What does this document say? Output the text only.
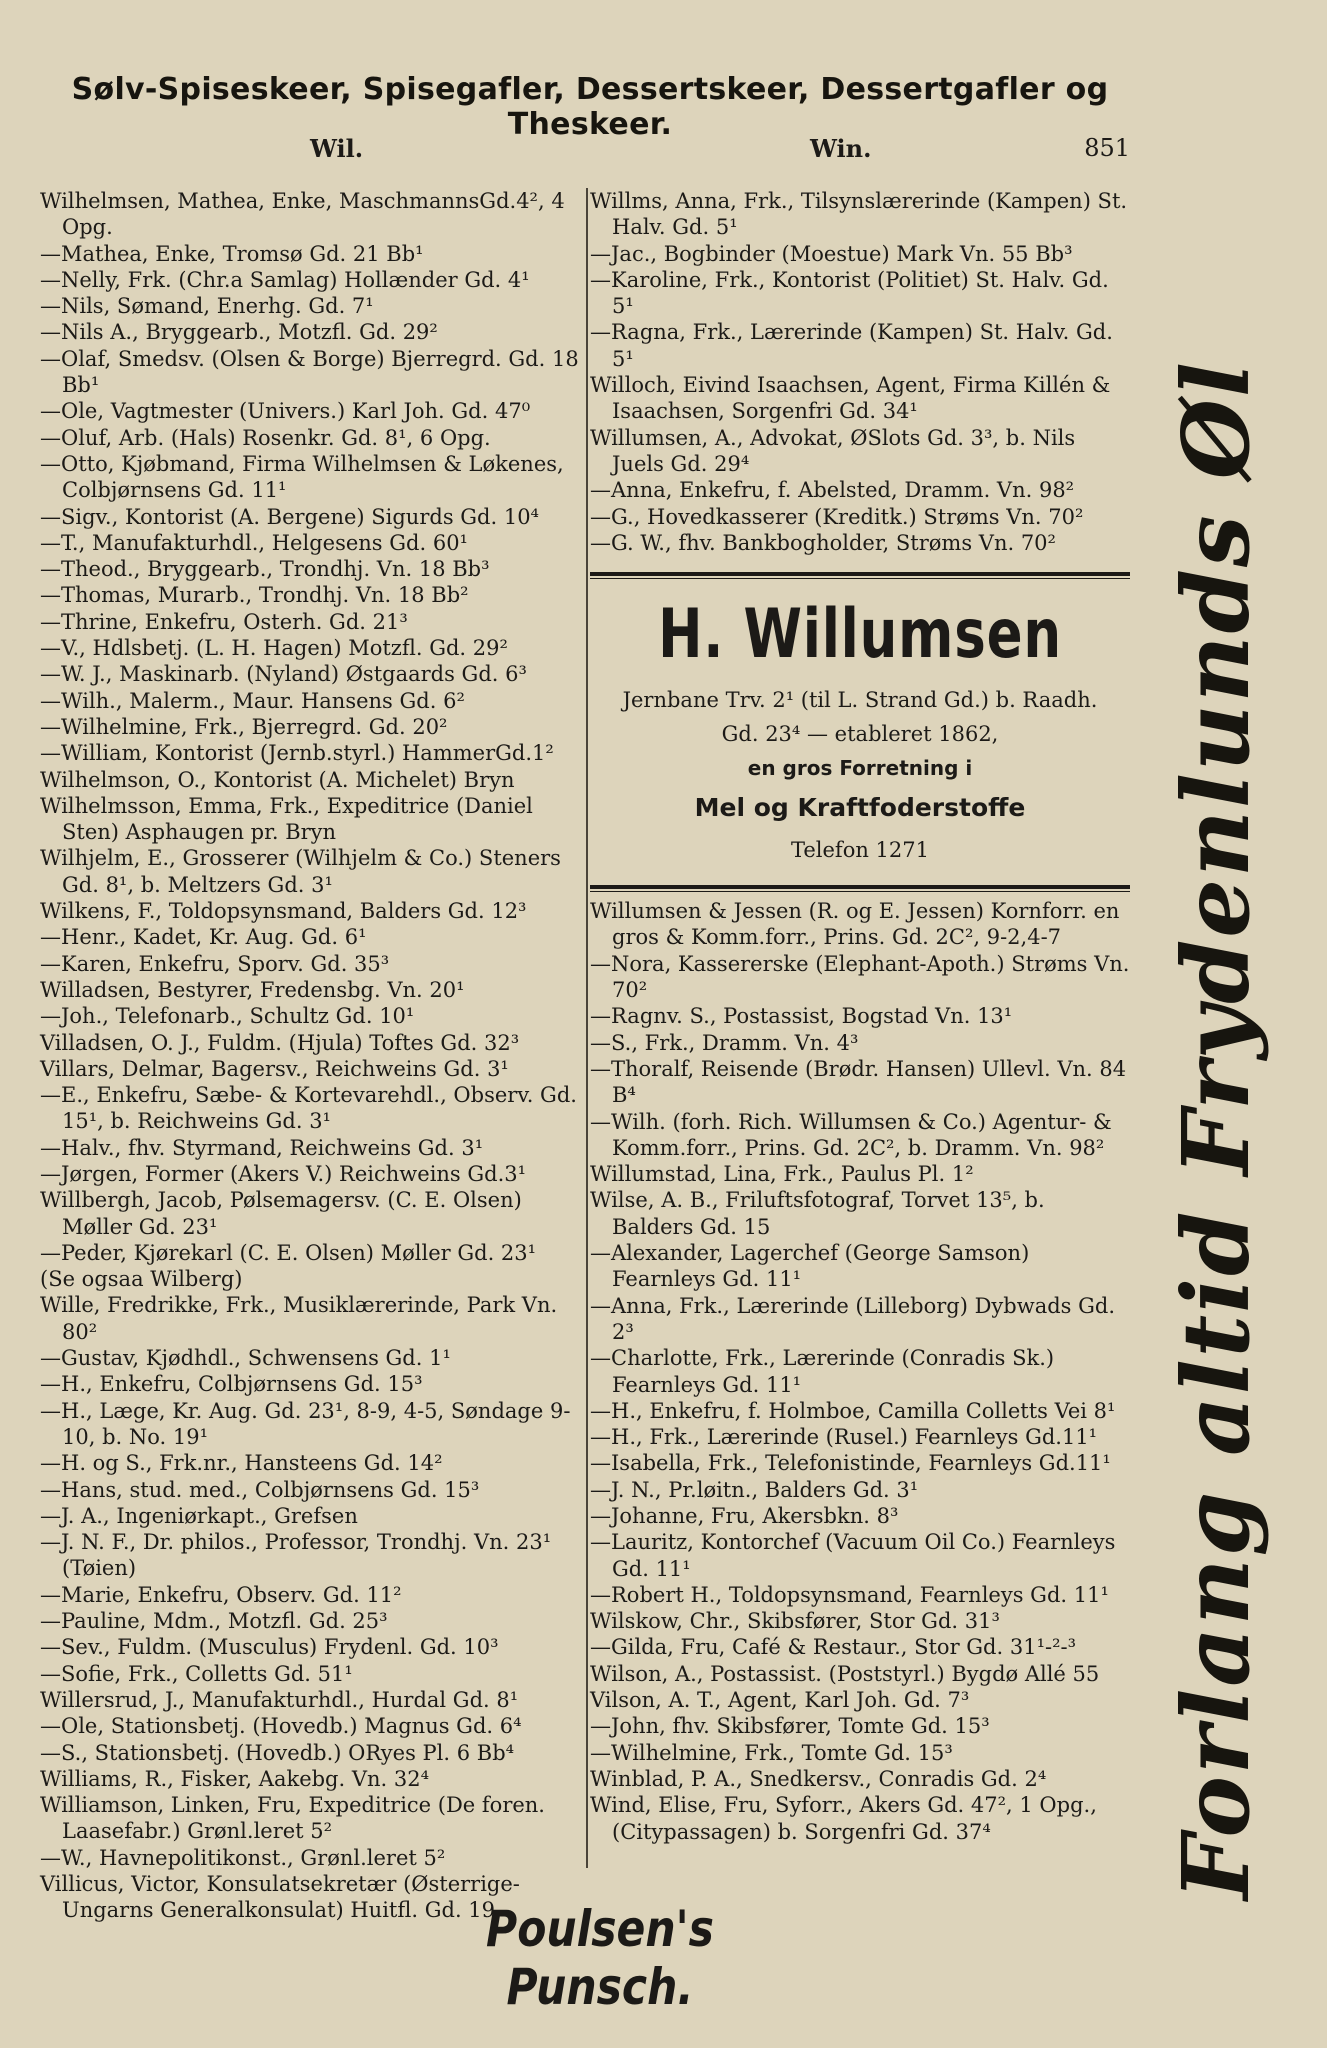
Sølv-Spiseskeer, Spisegafler, Dessertskeer, Dessertgafler og Theskeer.
Wil.	Win.	851

Wilhelmsen, Mathea, Enke, MaschmannsGd.4², 4 Opg.

—Mathea, Enke, Tromsø Gd. 21 Bb¹

—Nelly, Frk. (Chr.a Samlag) Hollænder Gd. 4¹

—Nils, Sømand, Enerhg. Gd. 7¹

—Nils A., Bryggearb., Motzfl. Gd. 29²

—Olaf, Smedsv. (Olsen & Borge) Bjerregrd. Gd. 18 Bb¹

—Ole, Vagtmester (Univers.) Karl Joh. Gd. 47⁰

—Oluf, Arb. (Hals) Rosenkr. Gd. 8¹, 6 Opg.

—Otto, Kjøbmand, Firma Wilhelmsen & Løkenes, Colbjørnsens Gd. 11¹

—Sigv., Kontorist (A. Bergene) Sigurds Gd. 10⁴

—T., Manufakturhdl., Helgesens Gd. 60¹

—Theod., Bryggearb., Trondhj. Vn. 18 Bb³

—Thomas, Murarb., Trondhj. Vn. 18 Bb²

—Thrine, Enkefru, Osterh. Gd. 21³

—V., Hdlsbetj. (L. H. Hagen) Motzfl. Gd. 29²

—W. J., Maskinarb. (Nyland) Østgaards Gd. 6³

—Wilh., Malerm., Maur. Hansens Gd. 6²

—Wilhelmine, Frk., Bjerregrd. Gd. 20²

—William, Kontorist (Jernb.styrl.) HammerGd.1²

Wilhelmson, O., Kontorist (A. Michelet) Bryn

Wilhelmsson, Emma, Frk., Expeditrice (Daniel Sten) Asphaugen pr. Bryn

Wilhjelm, E., Grosserer (Wilhjelm & Co.) Steners Gd. 8¹, b. Meltzers Gd. 3¹

Wilkens, F., Toldopsynsmand, Balders Gd. 12³

—Henr., Kadet, Kr. Aug. Gd. 6¹

—Karen, Enkefru, Sporv. Gd. 35³

Willadsen, Bestyrer, Fredensbg. Vn. 20¹

—Joh., Telefonarb., Schultz Gd. 10¹

Villadsen, O. J., Fuldm. (Hjula) Toftes Gd. 32³

Villars, Delmar, Bagersv., Reichweins Gd. 3¹

—E., Enkefru, Sæbe- & Kortevarehdl., Observ. Gd. 15¹, b. Reichweins Gd. 3¹

—Halv., fhv. Styrmand, Reichweins Gd. 3¹

—Jørgen, Former (Akers V.) Reichweins Gd.3¹

Willbergh, Jacob, Pølsemagersv. (C. E. Olsen) Møller Gd. 23¹

—Peder, Kjørekarl (C. E. Olsen) Møller Gd. 23¹

(Se ogsaa Wilberg)

Wille, Fredrikke, Frk., Musiklærerinde, Park Vn. 80²

—Gustav, Kjødhdl., Schwensens Gd. 1¹

—H., Enkefru, Colbjørnsens Gd. 15³

—H., Læge, Kr. Aug. Gd. 23¹, 8-9, 4-5, Søndage 9-10, b. No. 19¹

—H. og S., Frk.nr., Hansteens Gd. 14²

—Hans, stud. med., Colbjørnsens Gd. 15³

—J. A., Ingeniørkapt., Grefsen

—J. N. F., Dr. philos., Professor, Trondhj. Vn. 23¹ (Tøien)

—Marie, Enkefru, Observ. Gd. 11²

—Pauline, Mdm., Motzfl. Gd. 25³

—Sev., Fuldm. (Musculus) Frydenl. Gd. 10³

—Sofie, Frk., Colletts Gd. 51¹

Willersrud, J., Manufakturhdl., Hurdal Gd. 8¹

—Ole, Stationsbetj. (Hovedb.) Magnus Gd. 6⁴

—S., Stationsbetj. (Hovedb.) ORyes Pl. 6 Bb⁴

Williams, R., Fisker, Aakebg. Vn. 32⁴

Williamson, Linken, Fru, Expeditrice (De foren. Laasefabr.) Grønl.leret 5²

—W., Havnepolitikonst., Grønl.leret 5²

Villicus, Victor, Konsulatsekretær (Østerrige-Ungarns Generalkonsulat) Huitfl. Gd. 19

Willms, Anna, Frk., Tilsynslærerinde (Kampen) St. Halv. Gd. 5¹

—Jac., Bogbinder (Moestue) Mark Vn. 55 Bb³

—Karoline, Frk., Kontorist (Politiet) St. Halv. Gd. 5¹

—Ragna, Frk., Lærerinde (Kampen) St. Halv. Gd. 5¹

Willoch, Eivind Isaachsen, Agent, Firma Killén & Isaachsen, Sorgenfri Gd. 34¹

Willumsen, A., Advokat, ØSlots Gd. 3³, b. Nils Juels Gd. 29⁴

—Anna, Enkefru, f. Abelsted, Dramm. Vn. 98²

—G., Hovedkasserer (Kreditk.) Strøms Vn. 70²

—G. W., fhv. Bankbogholder, Strøms Vn. 70²

H. Willumsen
Jernbane Trv. 2¹ (til L. Strand Gd.) b. Raadh.
Gd. 23⁴ — etableret 1862,
en gros Forretning i
Mel og Kraftfoderstoffe
Telefon 1271

Willumsen & Jessen (R. og E. Jessen) Kornforr. en gros & Komm.forr., Prins. Gd. 2C², 9-2,4-7

—Nora, Kassererske (Elephant-Apoth.) Strøms Vn. 70²

—Ragnv. S., Postassist, Bogstad Vn. 13¹

—S., Frk., Dramm. Vn. 4³

—Thoralf, Reisende (Brødr. Hansen) Ullevl. Vn. 84 B⁴

—Wilh. (forh. Rich. Willumsen & Co.) Agentur- & Komm.forr., Prins. Gd. 2C², b. Dramm. Vn. 98²

Willumstad, Lina, Frk., Paulus Pl. 1²

Wilse, A. B., Friluftsfotograf, Torvet 13⁵, b. Balders Gd. 15

—Alexander, Lagerchef (George Samson) Fearnleys Gd. 11¹

—Anna, Frk., Lærerinde (Lilleborg) Dybwads Gd. 2³

—Charlotte, Frk., Lærerinde (Conradis Sk.) Fearnleys Gd. 11¹

—H., Enkefru, f. Holmboe, Camilla Colletts Vei 8¹

—H., Frk., Lærerinde (Rusel.) Fearnleys Gd.11¹

—Isabella, Frk., Telefonistinde, Fearnleys Gd.11¹

—J. N., Pr.løitn., Balders Gd. 3¹

—Johanne, Fru, Akersbkn. 8³

—Lauritz, Kontorchef (Vacuum Oil Co.) Fearnleys Gd. 11¹

—Robert H., Toldopsynsmand, Fearnleys Gd. 11¹

Wilskow, Chr., Skibsfører, Stor Gd. 31³

—Gilda, Fru, Café & Restaur., Stor Gd. 31¹-²-³

Wilson, A., Postassist. (Poststyrl.) Bygdø Allé 55

Vilson, A. T., Agent, Karl Joh. Gd. 7³

—John, fhv. Skibsfører, Tomte Gd. 15³

—Wilhelmine, Frk., Tomte Gd. 15³

Winblad, P. A., Snedkersv., Conradis Gd. 2⁴

Wind, Elise, Fru, Syforr., Akers Gd. 47², 1 Opg., (Citypassagen) b. Sorgenfri Gd. 37⁴	Forlang altid Frydenlunds Øl
Poulsen's Punsch.
